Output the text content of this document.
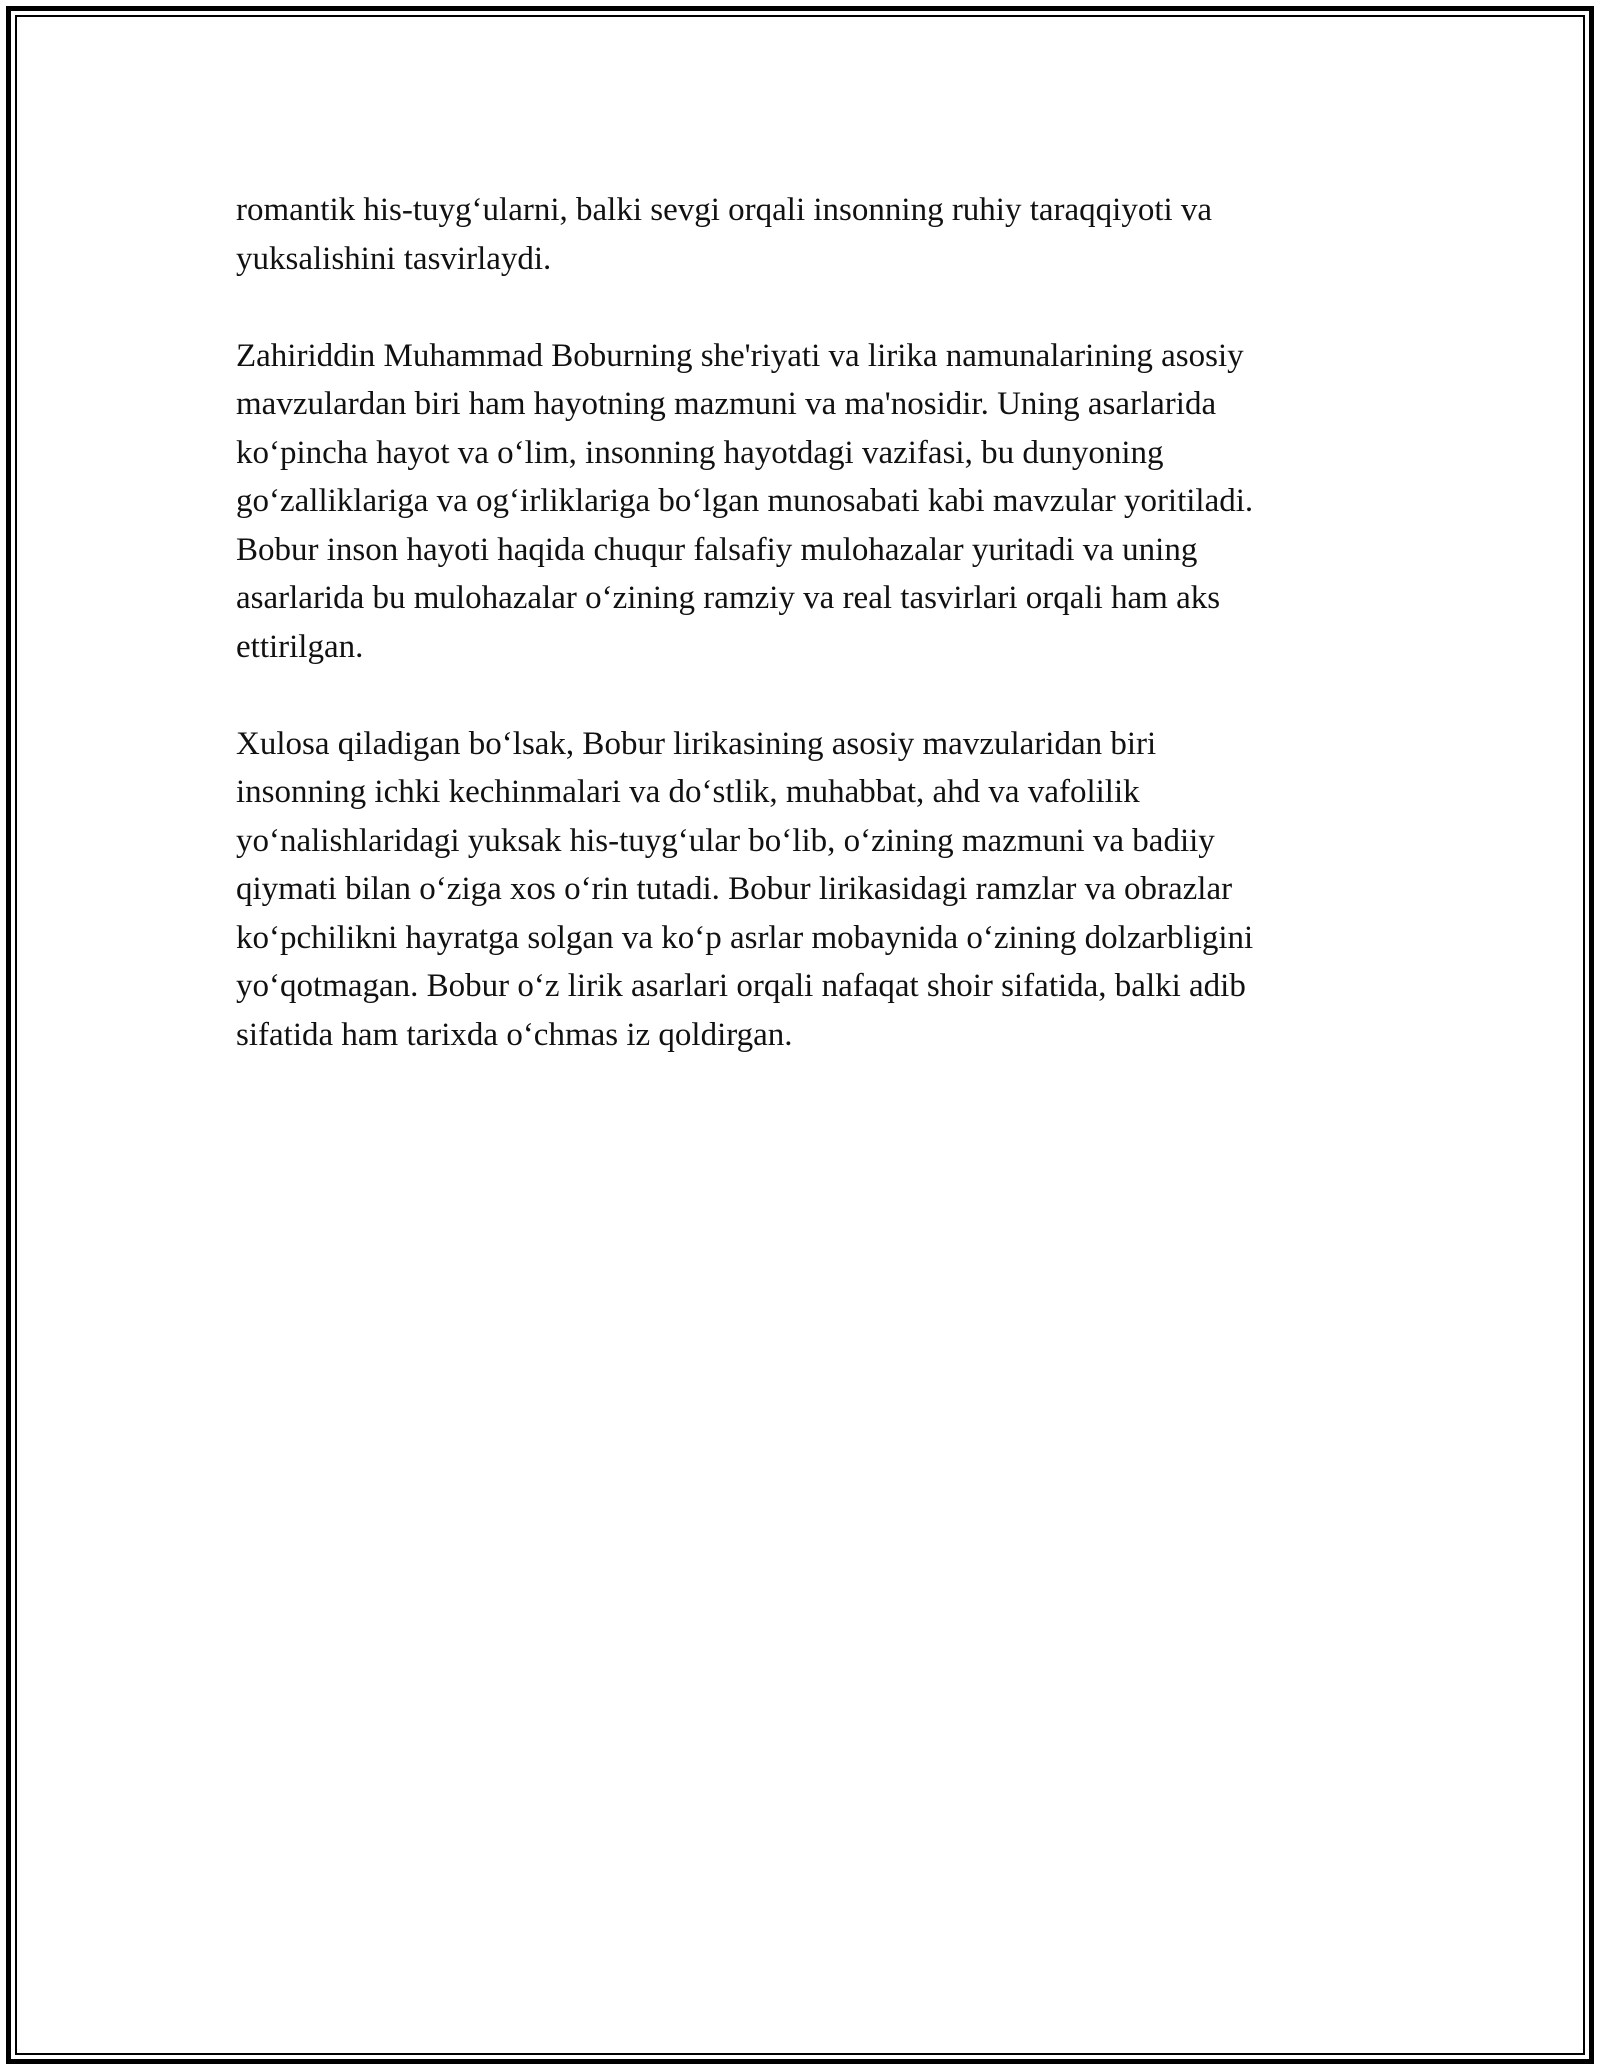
romantik his-tuyg‘ularni, balki sevgi orqali insonning ruhiy taraqqiyoti va
yuksalishini tasvirlaydi.

Zahiriddin Muhammad Boburning she'riyati va lirika namunalarining asosiy
mavzulardan biri ham hayotning mazmuni va ma'nosidir. Uning asarlarida
ko‘pincha hayot va o‘lim, insonning hayotdagi vazifasi, bu dunyoning
go‘zalliklariga va og‘irliklariga bo‘lgan munosabati kabi mavzular yoritiladi.
Bobur inson hayoti haqida chuqur falsafiy mulohazalar yuritadi va uning
asarlarida bu mulohazalar o‘zining ramziy va real tasvirlari orqali ham aks
ettirilgan.

Xulosa qiladigan bo‘lsak, Bobur lirikasining asosiy mavzularidan biri
insonning ichki kechinmalari va do‘stlik, muhabbat, ahd va vafolilik
yo‘nalishlaridagi yuksak his-tuyg‘ular bo‘lib, o‘zining mazmuni va badiiy
qiymati bilan o‘ziga xos o‘rin tutadi. Bobur lirikasidagi ramzlar va obrazlar
ko‘pchilikni hayratga solgan va ko‘p asrlar mobaynida o‘zining dolzarbligini
yo‘qotmagan. Bobur o‘z lirik asarlari orqali nafaqat shoir sifatida, balki adib
sifatida ham tarixda o‘chmas iz qoldirgan.
